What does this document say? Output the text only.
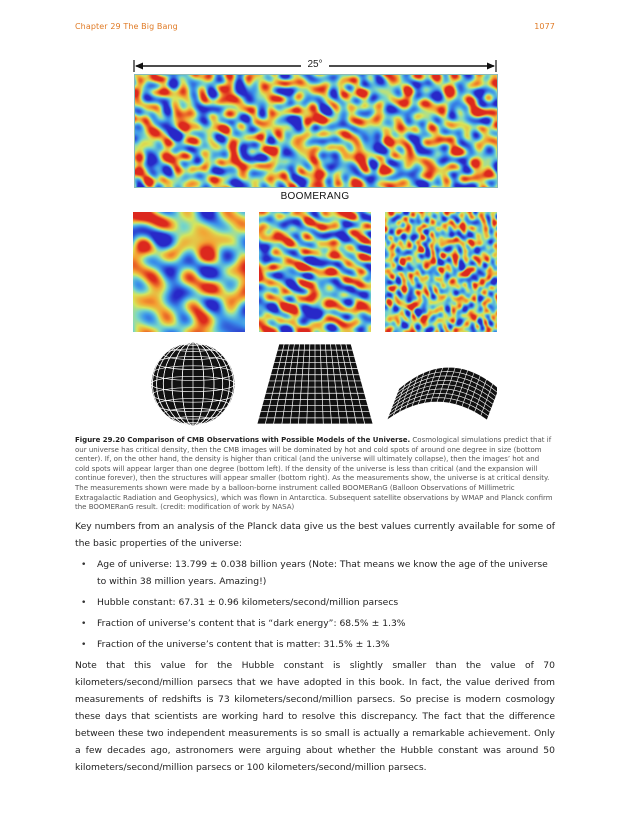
Chapter 29 The Big Bang	1077
25°
BOOMERANG
Figure 29.20 Comparison of CMB Observations with Possible Models of the Universe. Cosmological simulations predict that if our universe has critical density, then the CMB images will be dominated by hot and cold spots of around one degree in size (bottom center). If, on the other hand, the density is higher than critical (and the universe will ultimately collapse), then the images’ hot and cold spots will appear larger than one degree (bottom left). If the density of the universe is less than critical (and the expansion will continue forever), then the structures will appear smaller (bottom right). As the measurements show, the universe is at critical density. The measurements shown were made by a balloon-borne instrument called BOOMERanG (Balloon Observations of Millimetric Extragalactic Radiation and Geophysics), which was flown in Antarctica. Subsequent satellite observations by WMAP and Planck confirm the BOOMERanG result. (credit: modification of work by NASA)

Key numbers from an analysis of the Planck data give us the best values currently available for some of the basic properties of the universe:

• Age of universe: 13.799 ± 0.038 billion years (Note: That means we know the age of the universe to within 38 million years. Amazing!)
• Hubble constant: 67.31 ± 0.96 kilometers/second/million parsecs
• Fraction of universe’s content that is “dark energy”: 68.5% ± 1.3%
• Fraction of the universe’s content that is matter: 31.5% ± 1.3%

Note that this value for the Hubble constant is slightly smaller than the value of 70 kilometers/second/million parsecs that we have adopted in this book. In fact, the value derived from measurements of redshifts is 73 kilometers/second/million parsecs. So precise is modern cosmology these days that scientists are working hard to resolve this discrepancy. The fact that the difference between these two independent measurements is so small is actually a remarkable achievement. Only a few decades ago, astronomers were arguing about whether the Hubble constant was around 50 kilometers/second/million parsecs or 100 kilometers/second/million parsecs.
